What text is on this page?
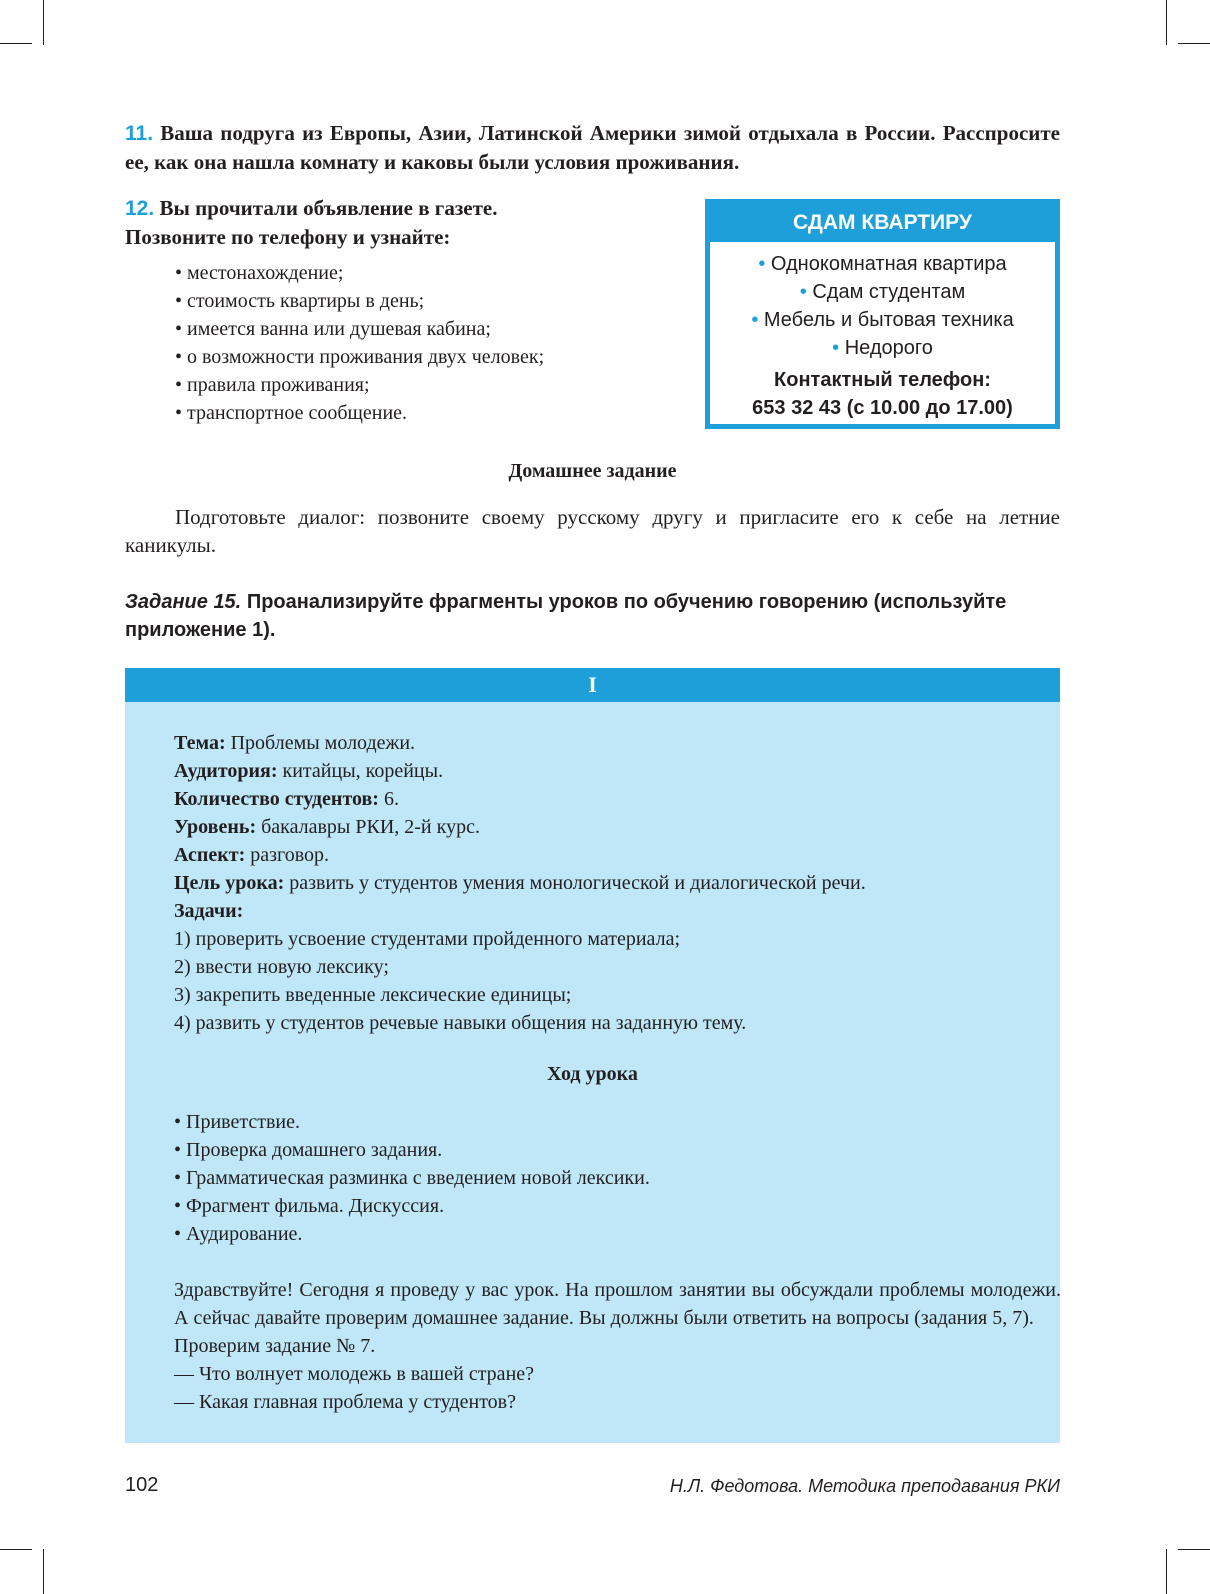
11. Ваша подруга из Европы, Азии, Латинской Америки зимой отдыхала в России. Расспросите ее, как она нашла комнату и каковы были условия проживания.
12. Вы прочитали объявление в газете.
Позвоните по телефону и узнайте:
• местонахождение;
• стоимость квартиры в день;
• имеется ванна или душевая кабина;
• о возможности проживания двух человек;
• правила проживания;
• транспортное сообщение.
СДАМ КВАРТИРУ
• Однокомнатная квартира
• Сдам студентам
• Мебель и бытовая техника
• Недорого
Контактный телефон:
653 32 43 (с 10.00 до 17.00)
Домашнее задание
Подготовьте диалог: позвоните своему русскому другу и пригласите его к себе на летние каникулы.
Задание 15. Проанализируйте фрагменты уроков по обучению говорению (используйте приложение 1).
I
Тема: Проблемы молодежи.
Аудитория: китайцы, корейцы.
Количество студентов: 6.
Уровень: бакалавры РКИ, 2-й курс.
Аспект: разговор.
Цель урока: развить у студентов умения монологической и диалогической речи.
Задачи:
1) проверить усвоение студентами пройденного материала;
2) ввести новую лексику;
3) закрепить введенные лексические единицы;
4) развить у студентов речевые навыки общения на заданную тему.
Ход урока
• Приветствие.
• Проверка домашнего задания.
• Грамматическая разминка с введением новой лексики.
• Фрагмент фильма. Дискуссия.
• Аудирование.

Здравствуйте! Сегодня я проведу у вас урок. На прошлом занятии вы обсуждали проблемы молодежи. А сейчас давайте проверим домашнее задание. Вы должны были ответить на вопросы (задания 5, 7).

Проверим задание № 7.

— Что волнует молодежь в вашей стране?

— Какая главная проблема у студентов?

102	Н.Л. Федотова. Методика преподавания РКИ
